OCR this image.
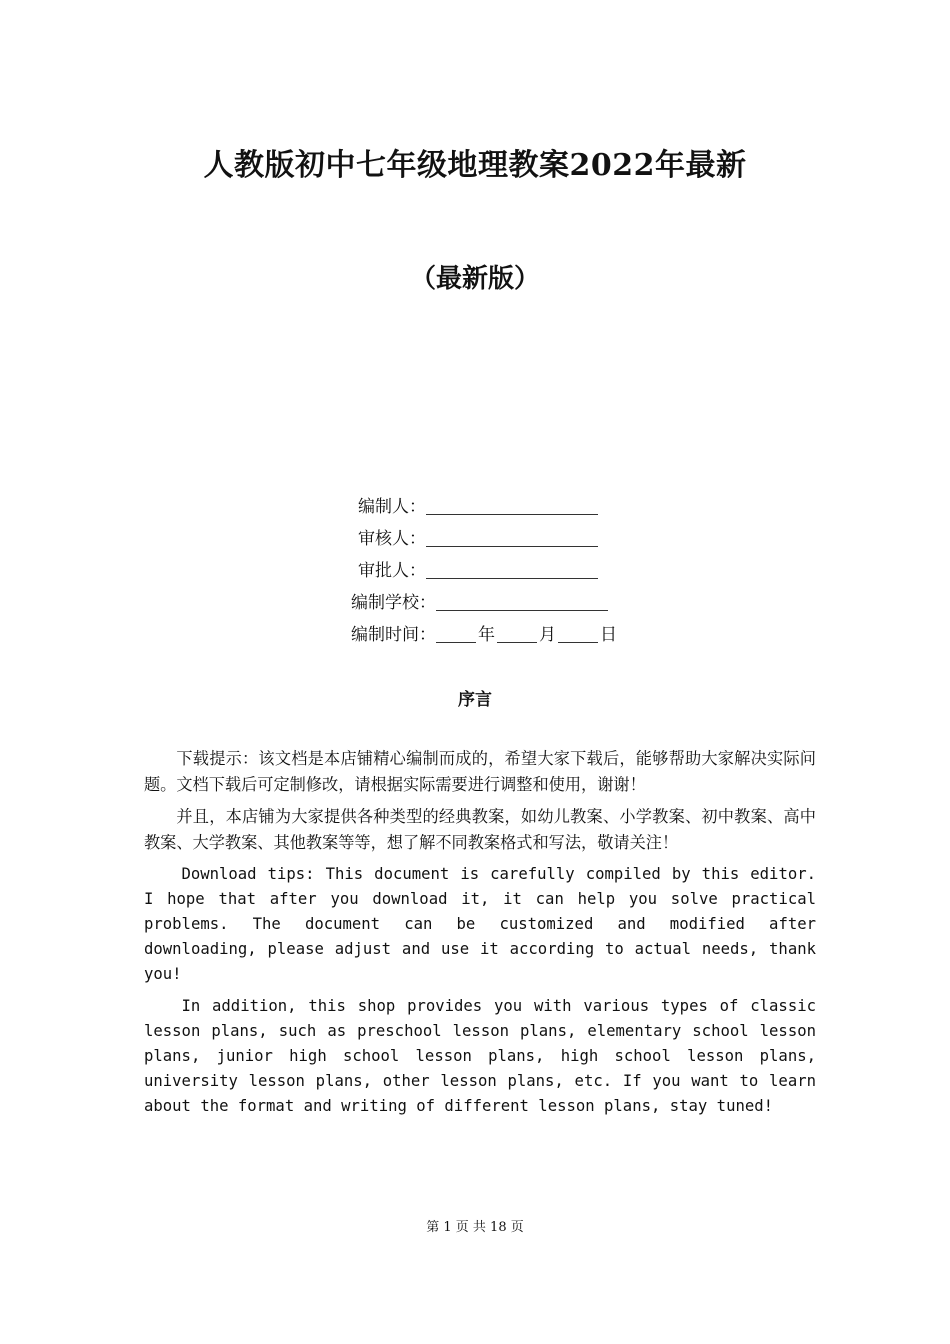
人教版初中七年级地理教案2022年最新
（最新版）
编制人：
审核人：
审批人：
编制学校：
编制时间： 年	月	日
序言

下载提示：该文档是本店铺精心编制而成的，希望大家下载后，能够帮助大家解决实际问题。文档下载后可定制修改，请根据实际需要进行调整和使用，谢谢！

并且，本店铺为大家提供各种类型的经典教案，如幼儿教案、小学教案、初中教案、高中教案、大学教案、其他教案等等，想了解不同教案格式和写法，敬请关注！

Download tips: This document is carefully compiled by this editor. I hope that after you download it, it can help you solve practical problems. The document can be customized and modified after downloading, please adjust and use it according to actual needs, thank you!

In addition, this shop provides you with various types of classic lesson plans, such as preschool lesson plans, elementary school lesson plans, junior high school lesson plans, high school lesson plans, university lesson plans, other lesson plans, etc. If you want to learn about the format and writing of different lesson plans, stay tuned!

第 1 页 共 18 页
